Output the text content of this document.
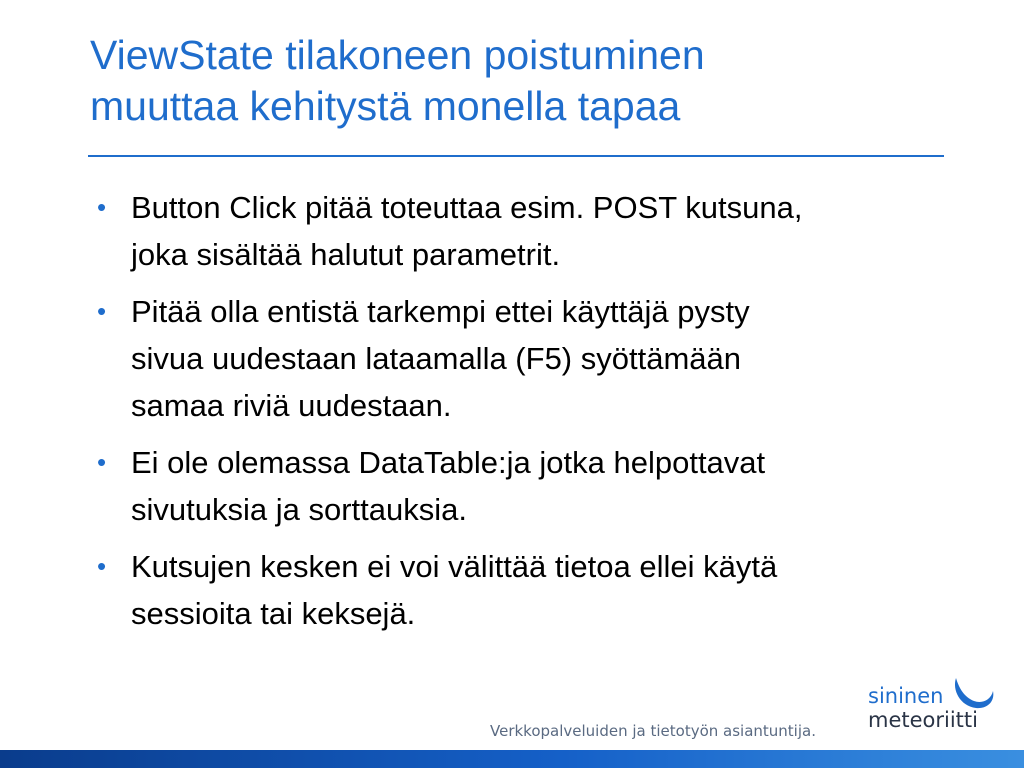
ViewState tilakoneen poistuminen
muuttaa kehitystä monella tapaa
• Button Click pitää toteuttaa esim. POST kutsuna,
joka sisältää halutut parametrit.
• Pitää olla entistä tarkempi ettei käyttäjä pysty
sivua uudestaan lataamalla (F5) syöttämään
samaa riviä uudestaan.
• Ei ole olemassa DataTable:ja jotka helpottavat
sivutuksia ja sorttauksia.
• Kutsujen kesken ei voi välittää tietoa ellei käytä
sessioita tai keksejä.
Verkkopalveluiden ja tietotyön asiantuntija.
sininen
meteoriitti
